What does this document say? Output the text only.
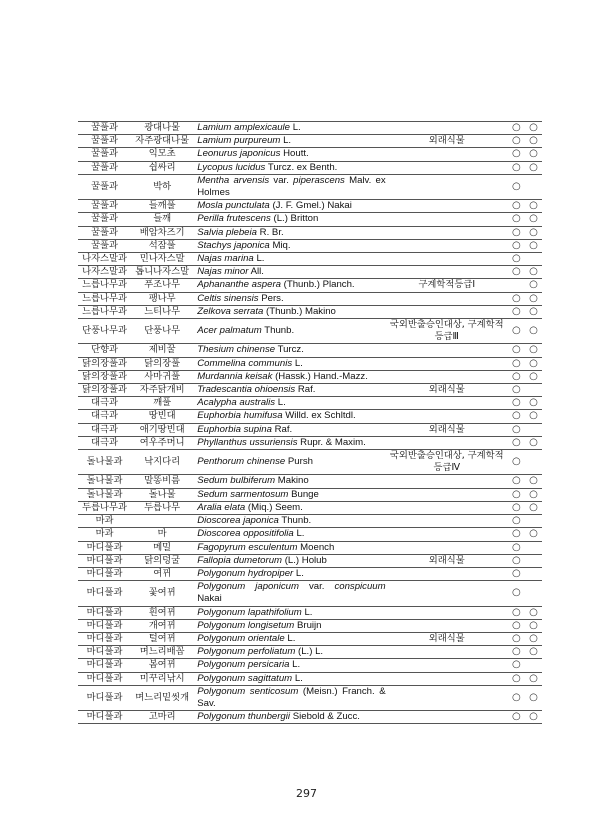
꿀풀과	광대나물	Lamium amplexicaule L.		○	○
꿀풀과	자주광대나물	Lamium purpureum L.	외래식물	○	○
꿀풀과	익모초	Leonurus japonicus Houtt.		○	○
꿀풀과	쉽싸리	Lycopus lucidus Turcz. ex Benth.		○	○
꿀풀과	박하	Mentha arvensis var. piperascens Malv. ex Holmes		○	
꿀풀과	들깨풀	Mosla punctulata (J. F. Gmel.) Nakai		○	○
꿀풀과	들깨	Perilla frutescens (L.) Britton		○	○
꿀풀과	배암차즈기	Salvia plebeia R. Br.		○	○
꿀풀과	석잠풀	Stachys japonica Miq.		○	○
나자스말과	민나자스말	Najas marina L.		○	
나자스말과	톱니나자스말	Najas minor All.		○	○
느릅나무과	푸조나무	Aphananthe aspera (Thunb.) Planch.	구계학적등급Ⅰ		○
느릅나무과	팽나무	Celtis sinensis Pers.		○	○
느릅나무과	느티나무	Zelkova serrata (Thunb.) Makino		○	○
단풍나무과	단풍나무	Acer palmatum Thunb.	국외반출승인대상, 구계학적등급Ⅲ	○	○
단향과	제비꿀	Thesium chinense Turcz.		○	○
닭의장풀과	닭의장풀	Commelina communis L.		○	○
닭의장풀과	사마귀풀	Murdannia keisak (Hassk.) Hand.-Mazz.		○	○
닭의장풀과	자주닭개비	Tradescantia ohioensis Raf.	외래식물	○	
대극과	깨풀	Acalypha australis L.		○	○
대극과	땅빈대	Euphorbia humifusa Willd. ex Schltdl.		○	○
대극과	애기땅빈대	Euphorbia supina Raf.	외래식물	○	
대극과	여우주머니	Phyllanthus ussuriensis Rupr. & Maxim.		○	○
돌나물과	낙지다리	Penthorum chinense Pursh	국외반출승인대상, 구계학적등급Ⅳ	○	
돌나물과	말똥비름	Sedum bulbiferum Makino		○	○
돌나물과	돌나물	Sedum sarmentosum Bunge		○	○
두릅나무과	두릅나무	Aralia elata (Miq.) Seem.		○	○
마과		Dioscorea japonica Thunb.		○	
마과	마	Dioscorea oppositifolia L.		○	○
마디풀과	메밀	Fagopyrum esculentum Moench		○	
마디풀과	닭의덩굴	Fallopia dumetorum (L.) Holub	외래식물	○	
마디풀과	여뀌	Polygonum hydropiper L.		○	
마디풀과	꽃여뀌	Polygonum japonicum var. conspicuum Nakai		○	
마디풀과	흰여뀌	Polygonum lapathifolium L.		○	○
마디풀과	개여뀌	Polygonum longisetum Bruijn		○	○
마디풀과	털여뀌	Polygonum orientale L.	외래식물	○	○
마디풀과	며느리배꼽	Polygonum perfoliatum (L.) L.		○	○
마디풀과	봄여뀌	Polygonum persicaria L.		○	
마디풀과	미꾸리낚시	Polygonum sagittatum L.		○	○
마디풀과	며느리밑씻개	Polygonum senticosum (Meisn.) Franch. & Sav.		○	○
마디풀과	고마리	Polygonum thunbergii Siebold & Zucc.		○	○
297
